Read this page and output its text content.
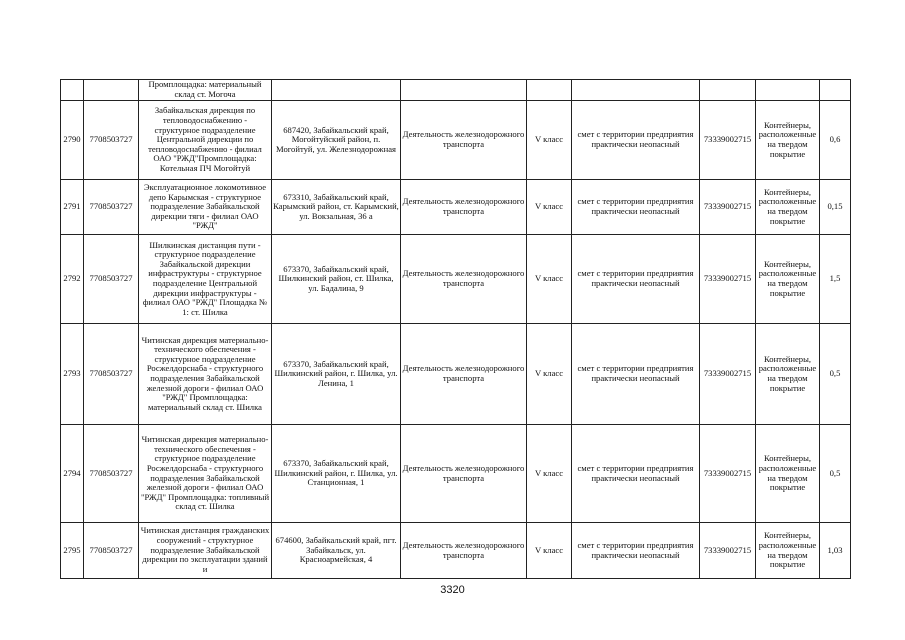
		Промплощадка: материальный склад ст. Могоча							
2790	7708503727	Забайкальская дирекция по тепловодоснабжению - структурное подразделение Центральной дирекции по тепловодоснабжению - филиал ОАО "РЖД"Промплощадка: Котельная ПЧ Могойтуй	687420, Забайкальский край, Могойтуйский район, п. Могойтуй, ул. Железнодорожная	Деятельность железнодорожного транспорта	V класс	смет с территории предприятия практически неопасный	73339002715	Контейнеры, расположенные на твердом покрытие	0,6
2791	7708503727	Эксплуатационное локомотивное депо Карымская - структурное подразделение Забайкальской дирекции тяги - филиал ОАО "РЖД"	673310, Забайкальский край, Карымский район, ст. Карымский, ул. Вокзальная, 36 а	Деятельность железнодорожного транспорта	V класс	смет с территории предприятия практически неопасный	73339002715	Контейнеры, расположенные на твердом покрытие	0,15
2792	7708503727	Шилкинская дистанция пути - структурное подразделение Забайкальской дирекции инфраструктуры - структурное подразделение Центральной дирекции инфраструктуры - филиал ОАО "РЖД" Площадка № 1: ст. Шилка	673370, Забайкальский край, Шилкинский район, ст. Шилка, ул. Бадалина, 9	Деятельность железнодорожного транспорта	V класс	смет с территории предприятия практически неопасный	73339002715	Контейнеры, расположенные на твердом покрытие	1,5
2793	7708503727	Читинская дирекция материально-технического обеспечения - структурное подразделение Росжелдорснаба - структурного подразделения Забайкальской железной дороги - филиал ОАО "РЖД" Промплощадка: материальный склад ст. Шилка	673370, Забайкальский край, Шилкинский район, г. Шилка, ул. Ленина, 1	Деятельность железнодорожного транспорта	V класс	смет с территории предприятия практически неопасный	73339002715	Контейнеры, расположенные на твердом покрытие	0,5
2794	7708503727	Читинская дирекция материально-технического обеспечения - структурное подразделение Росжелдорснаба - структурного подразделения Забайкальской железной дороги - филиал ОАО "РЖД" Промплощадка: топливный склад ст. Шилка	673370, Забайкальский край, Шилкинский район, г. Шилка, ул. Станционная, 1	Деятельность железнодорожного транспорта	V класс	смет с территории предприятия практически неопасный	73339002715	Контейнеры, расположенные на твердом покрытие	0,5
2795	7708503727	Читинская дистанция гражданских сооружений - структурное подразделение Забайкальской дирекции по эксплуатации зданий и	674600, Забайкальский край, пгт. Забайкальск, ул. Красноармейская, 4	Деятельность железнодорожного транспорта	V класс	смет с территории предприятия практически неопасный	73339002715	Контейнеры, расположенные на твердом покрытие	1,03
3320
